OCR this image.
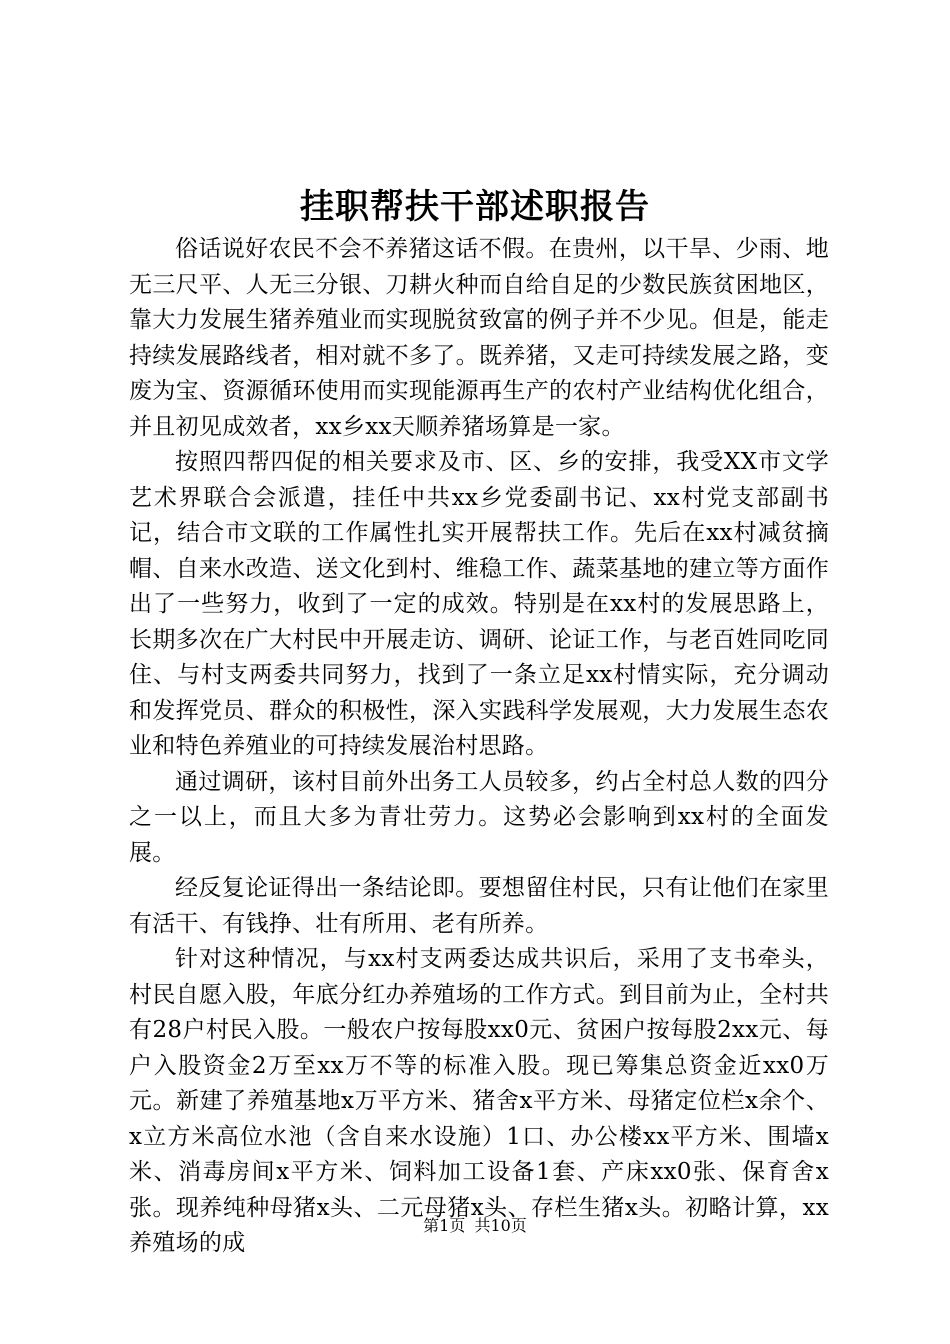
挂职帮扶干部述职报告

俗话说好农民不会不养猪这话不假。在贵州，以干旱、少雨、地无三尺平、人无三分银、刀耕火种而自给自足的少数民族贫困地区，靠大力发展生猪养殖业而实现脱贫致富的例子并不少见。但是，能走持续发展路线者，相对就不多了。既养猪，又走可持续发展之路，变废为宝、资源循环使用而实现能源再生产的农村产业结构优化组合，并且初见成效者，xx乡xx天顺养猪场算是一家。

按照四帮四促的相关要求及市、区、乡的安排，我受XX市文学艺术界联合会派遣，挂任中共xx乡党委副书记、xx村党支部副书记，结合市文联的工作属性扎实开展帮扶工作。先后在xx村减贫摘帽、自来水改造、送文化到村、维稳工作、蔬菜基地的建立等方面作出了一些努力，收到了一定的成效。特别是在xx村的发展思路上，长期多次在广大村民中开展走访、调研、论证工作，与老百姓同吃同住、与村支两委共同努力，找到了一条立足xx村情实际，充分调动和发挥党员、群众的积极性，深入实践科学发展观，大力发展生态农业和特色养殖业的可持续发展治村思路。

通过调研，该村目前外出务工人员较多，约占全村总人数的四分之一以上，而且大多为青壮劳力。这势必会影响到xx村的全面发展。

经反复论证得出一条结论即。要想留住村民，只有让他们在家里有活干、有钱挣、壮有所用、老有所养。

针对这种情况，与xx村支两委达成共识后，采用了支书牵头，村民自愿入股，年底分红办养殖场的工作方式。到目前为止，全村共有28户村民入股。一般农户按每股xx0元、贫困户按每股2xx元、每户入股资金2万至xx万不等的标准入股。现已筹集总资金近xx0万元。新建了养殖基地x万平方米、猪舍x平方米、母猪定位栏x余个、x立方米高位水池（含自来水设施）1口、办公楼xx平方米、围墙x米、消毒房间x平方米、饲料加工设备1套、产床xx0张、保育舍x张。现养纯种母猪x头、二元母猪x头、存栏生猪x头。初略计算，xx养殖场的成

第1页 共10页
